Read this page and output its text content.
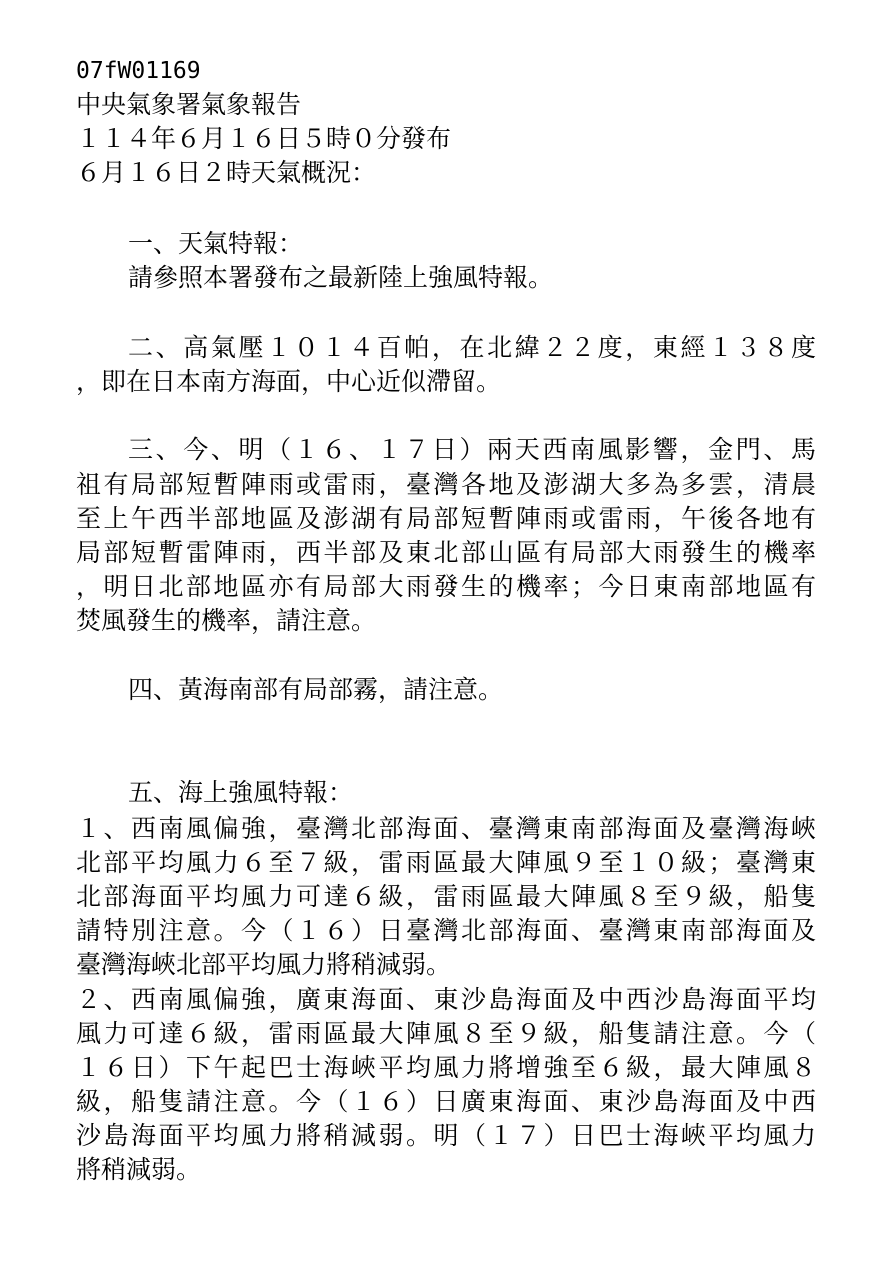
07fW01169
中央氣象署氣象報告
１１４年６月１６日５時０分發布
６月１６日２時天氣概況：
一、天氣特報：
請參照本署發布之最新陸上強風特報。
二、高氣壓１０１４百帕，在北緯２２度，東經１３８度
，即在日本南方海面，中心近似滯留。
三、今、明（１６、１７日）兩天西南風影響，金門、馬
祖有局部短暫陣雨或雷雨，臺灣各地及澎湖大多為多雲，清晨
至上午西半部地區及澎湖有局部短暫陣雨或雷雨，午後各地有
局部短暫雷陣雨，西半部及東北部山區有局部大雨發生的機率
，明日北部地區亦有局部大雨發生的機率；今日東南部地區有
焚風發生的機率，請注意。
四、黃海南部有局部霧，請注意。
五、海上強風特報：
１、西南風偏強，臺灣北部海面、臺灣東南部海面及臺灣海峽
北部平均風力６至７級，雷雨區最大陣風９至１０級；臺灣東
北部海面平均風力可達６級，雷雨區最大陣風８至９級，船隻
請特別注意。今（１６）日臺灣北部海面、臺灣東南部海面及
臺灣海峽北部平均風力將稍減弱。
２、西南風偏強，廣東海面、東沙島海面及中西沙島海面平均
風力可達６級，雷雨區最大陣風８至９級，船隻請注意。今（
１６日）下午起巴士海峽平均風力將增強至６級，最大陣風８
級，船隻請注意。今（１６）日廣東海面、東沙島海面及中西
沙島海面平均風力將稍減弱。明（１７）日巴士海峽平均風力
將稍減弱。
